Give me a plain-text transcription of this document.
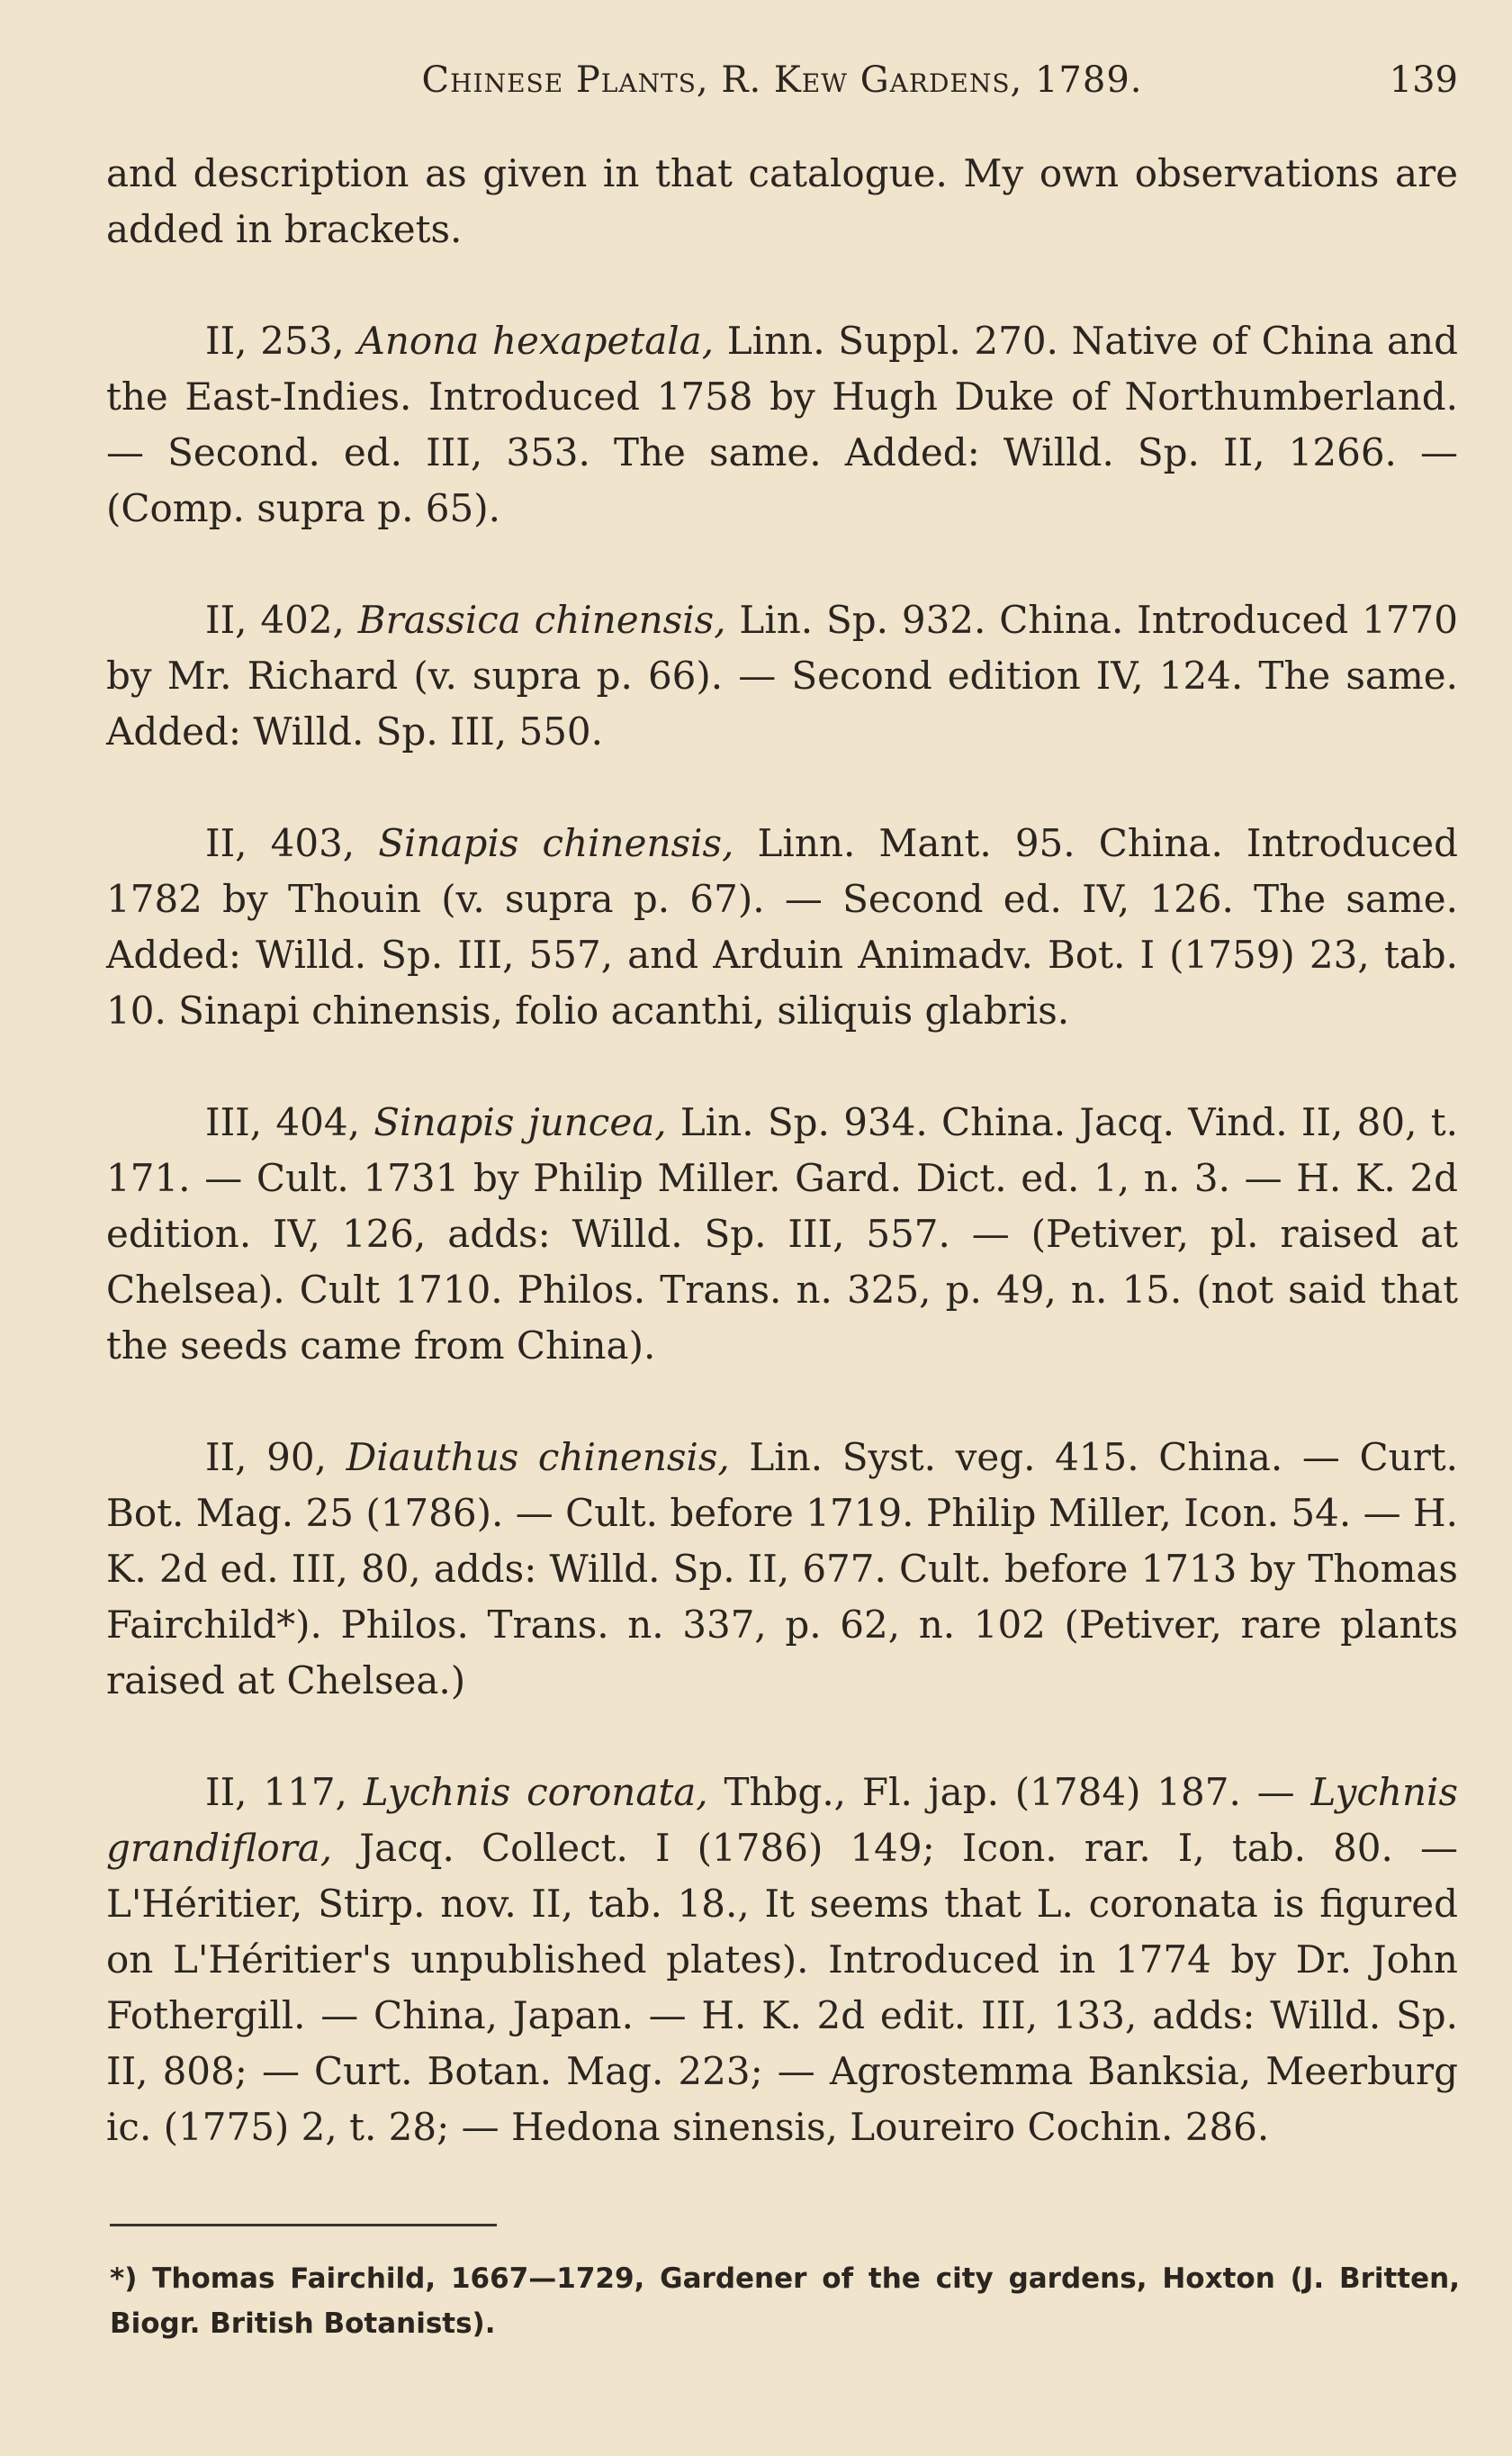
Chinese Plants, R. Kew Gardens, 1789.	139

and description as given in that catalogue. My own observations are added in brackets.

II, 253, Anona hexapetala, Linn. Suppl. 270. Native of China and the East-Indies. Introduced 1758 by Hugh Duke of Northumberland. — Second. ed. III, 353. The same. Added: Willd. Sp. II, 1266. — (Comp. supra p. 65).

II, 402, Brassica chinensis, Lin. Sp. 932. China. Introduced 1770 by Mr. Richard (v. supra p. 66). — Second edition IV, 124. The same. Added: Willd. Sp. III, 550.

II, 403, Sinapis chinensis, Linn. Mant. 95. China. Introduced 1782 by Thouin (v. supra p. 67). — Second ed. IV, 126. The same. Added: Willd. Sp. III, 557, and Arduin Animadv. Bot. I (1759) 23, tab. 10. Sinapi chinensis, folio acanthi, siliquis glabris.

III, 404, Sinapis juncea, Lin. Sp. 934. China. Jacq. Vind. II, 80, t. 171. — Cult. 1731 by Philip Miller. Gard. Dict. ed. 1, n. 3. — H. K. 2d edition. IV, 126, adds: Willd. Sp. III, 557. — (Petiver, pl. raised at Chelsea). Cult 1710. Philos. Trans. n. 325, p. 49, n. 15. (not said that the seeds came from China).

II, 90, Diauthus chinensis, Lin. Syst. veg. 415. China. — Curt. Bot. Mag. 25 (1786). — Cult. before 1719. Philip Miller, Icon. 54. — H. K. 2d ed. III, 80, adds: Willd. Sp. II, 677. Cult. before 1713 by Thomas Fairchild*). Philos. Trans. n. 337, p. 62, n. 102 (Petiver, rare plants raised at Chelsea.)

II, 117, Lychnis coronata, Thbg., Fl. jap. (1784) 187. — Lychnis grandiflora, Jacq. Collect. I (1786) 149; Icon. rar. I, tab. 80. — L'Héritier, Stirp. nov. II, tab. 18., It seems that L. coronata is figured on L'Héritier's unpublished plates). Introduced in 1774 by Dr. John Fothergill. — China, Japan. — H. K. 2d edit. III, 133, adds: Willd. Sp. II, 808; — Curt. Botan. Mag. 223; — Agrostemma Banksia, Meerburg ic. (1775) 2, t. 28; — Hedona sinensis, Loureiro Cochin. 286.

*) Thomas Fairchild, 1667—1729, Gardener of the city gardens, Hoxton (J. Britten, Biogr. British Botanists).
